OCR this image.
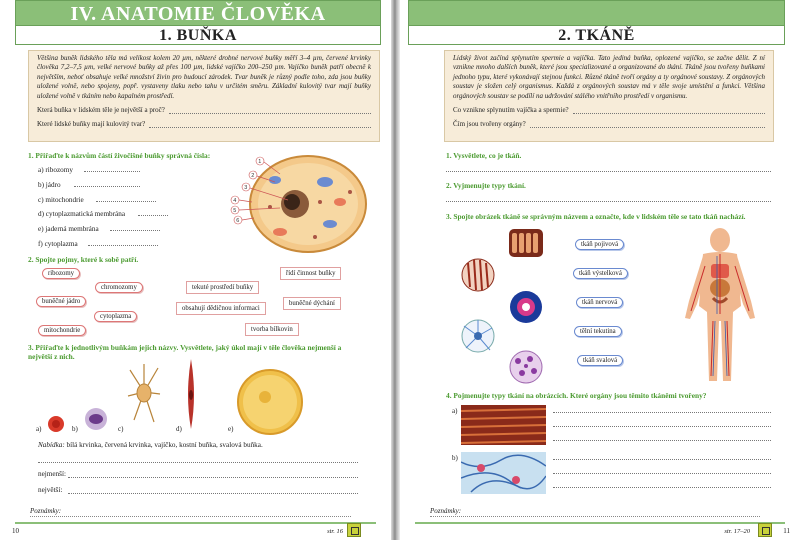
IV. ANATOMIE ČLOVĚKA
1. BUŇKA
Většina buněk lidského těla má velikost kolem 20 µm, některé drobné nervové buňky měří 3–4 µm, červené krvinky člověka 7,2–7,5 µm, velké nervové buňky až přes 100 µm, lidské vajíčko 200–250 µm. Vajíčko buněk patří obecně k největším, neboť obsahuje velké množství živin pro budoucí zárodek. Tvar buněk je různý podle toho, zda jsou buňky uložené volně, nebo spojeny, popř. vystaveny tlaku nebo tahu v určitém směru. Základní kulovitý tvar mají buňky uložené volně v tkáním nebo kapalném prostředí.
Která buňka v lidském těle je největší a proč?
Které lidské buňky mají kulovitý tvar?
1. Přiřaďte k názvům částí živočišné buňky správná čísla:
a) ribozomy
b) jádro
c) mitochondrie
d) cytoplazmatická membrána
e) jaderná membrána
f) cytoplazma
1
2
3
4
5
6
2. Spojte pojmy, které k sobě patří.
ribozomy
chromozomy
buněčné jádro
cytoplazma
mitochondrie
řídí činnost buňky
tekuté prostředí buňky
buněčné dýchání
obsahují dědičnou informaci
tvorba bílkovin
3. Přiřaďte k jednotlivým buňkám jejich názvy. Vysvětlete, jaký úkol mají v těle člověka nejmenší a největší z nich.
a)	b)	c)	d)	e)
Nabídka: bílá krvinka, červená krvinka, vajíčko, kostní buňka, svalová buňka.
nejmenší:
největší:
Poznámky:
10	str. 16
2. TKÁNĚ
Lidský život začíná splynutím spermie a vajíčka. Tato jediná buňka, oplozené vajíčko, se začne dělit. Z ní vznikne mnoho dalších buněk, které jsou specializované a organizované do tkání. Tkáně jsou tvořeny buňkami jednoho typu, které vykonávají stejnou funkci. Různé tkáně tvoří orgány a ty orgánové soustavy. Z orgánových soustav je složen celý organismus. Každá z orgánových soustav má v těle svoje umístění a funkci. Většina orgánových soustav se podílí na udržování stálého vnitřního prostředí v organismu.
Co vznikne splynutím vajíčka a spermie?
Čím jsou tvořeny orgány?
1. Vysvětlete, co je tkáň.
2. Vyjmenujte typy tkání.
3. Spojte obrázek tkáně se správným názvem a označte, kde v lidském těle se tato tkáň nachází.
tkáň pojivová
tkáň výstelková
tkáň nervová
tělní tekutina
tkáň svalová
4. Pojmenujte typy tkání na obrázcích. Které orgány jsou těmito tkáněmi tvořeny?
a)
b)
Poznámky:
str. 17–20	11
